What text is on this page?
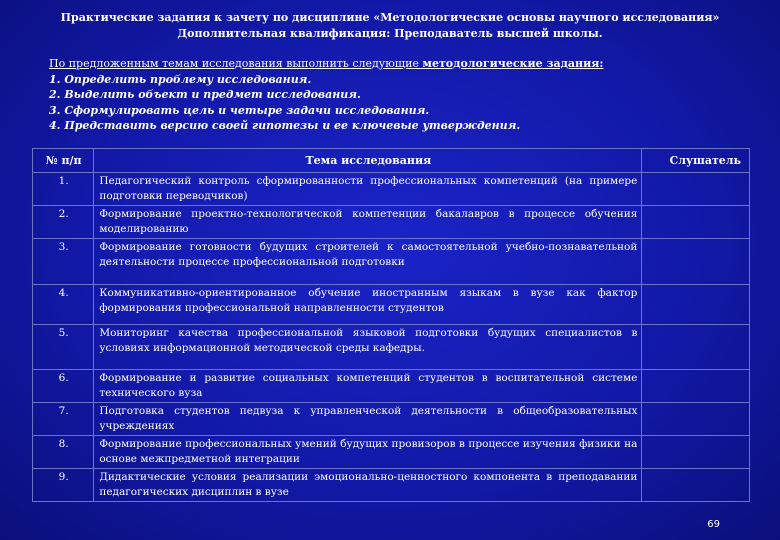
Практические задания к зачету по дисциплине «Методологические основы научного исследования»
Дополнительная квалификация: Преподаватель высшей школы.
По предложенным темам исследования выполнить следующие методологические задания:
1. Определить проблему исследования.
2. Выделить объект и предмет исследования.
3. Сформулировать цель и четыре задачи исследования.
4. Представить версию своей гипотезы и ее ключевые утверждения.
№ п/п	Тема исследования	Слушатель
1.	Педагогический контроль сформированности профессиональных компетенций (на примере подготовки переводчиков)	
2.	Формирование проектно-технологической компетенции бакалавров в процессе обучения моделированию	
3.	Формирование готовности будущих строителей к самостоятельной учебно-познавательной деятельности процессе профессиональной подготовки	
4.	Коммуникативно-ориентированное обучение иностранным языкам в вузе как фактор формирования профессиональной направленности студентов	
5.	Мониторинг качества профессиональной языковой подготовки будущих специалистов в условиях информационной методической среды кафедры.	
6.	Формирование и развитие социальных компетенций студентов в воспитательной системе технического вуза	
7.	Подготовка студентов педвуза к управленческой деятельности в общеобразовательных учреждениях	
8.	Формирование профессиональных умений будущих провизоров в процессе изучения физики на основе межпредметной интеграции	
9.	Дидактические условия реализации эмоционально-ценностного компонента в преподавании педагогических дисциплин в вузе	
69
